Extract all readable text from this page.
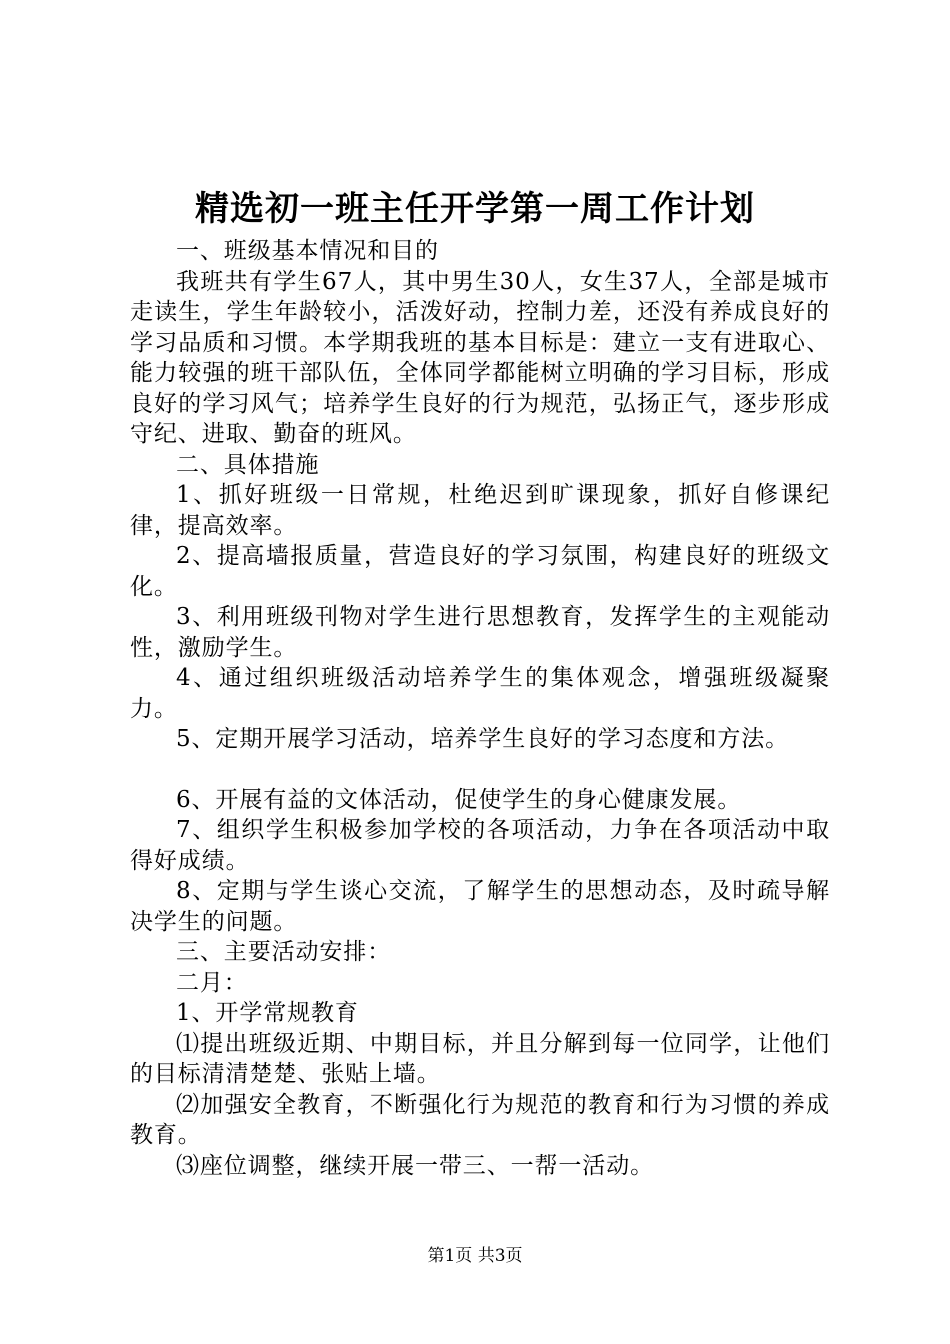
精选初一班主任开学第一周工作计划

一、班级基本情况和目的

我班共有学生67人，其中男生30人，女生37人，全部是城市走读生，学生年龄较小，活泼好动，控制力差，还没有养成良好的学习品质和习惯。本学期我班的基本目标是：建立一支有进取心、能力较强的班干部队伍，全体同学都能树立明确的学习目标，形成良好的学习风气；培养学生良好的行为规范，弘扬正气，逐步形成守纪、进取、勤奋的班风。

二、具体措施

1、抓好班级一日常规，杜绝迟到旷课现象，抓好自修课纪律，提高效率。

2、提高墙报质量，营造良好的学习氛围，构建良好的班级文化。

3、利用班级刊物对学生进行思想教育，发挥学生的主观能动性，激励学生。

4、通过组织班级活动培养学生的集体观念，增强班级凝聚力。

5、定期开展学习活动，培养学生良好的学习态度和方法。

6、开展有益的文体活动，促使学生的身心健康发展。

7、组织学生积极参加学校的各项活动，力争在各项活动中取得好成绩。

8、定期与学生谈心交流，了解学生的思想动态，及时疏导解决学生的问题。

三、主要活动安排：

二月：

1、开学常规教育

⑴提出班级近期、中期目标，并且分解到每一位同学，让他们的目标清清楚楚、张贴上墙。

⑵加强安全教育，不断强化行为规范的教育和行为习惯的养成教育。

⑶座位调整，继续开展一带三、一帮一活动。

第1页 共3页
